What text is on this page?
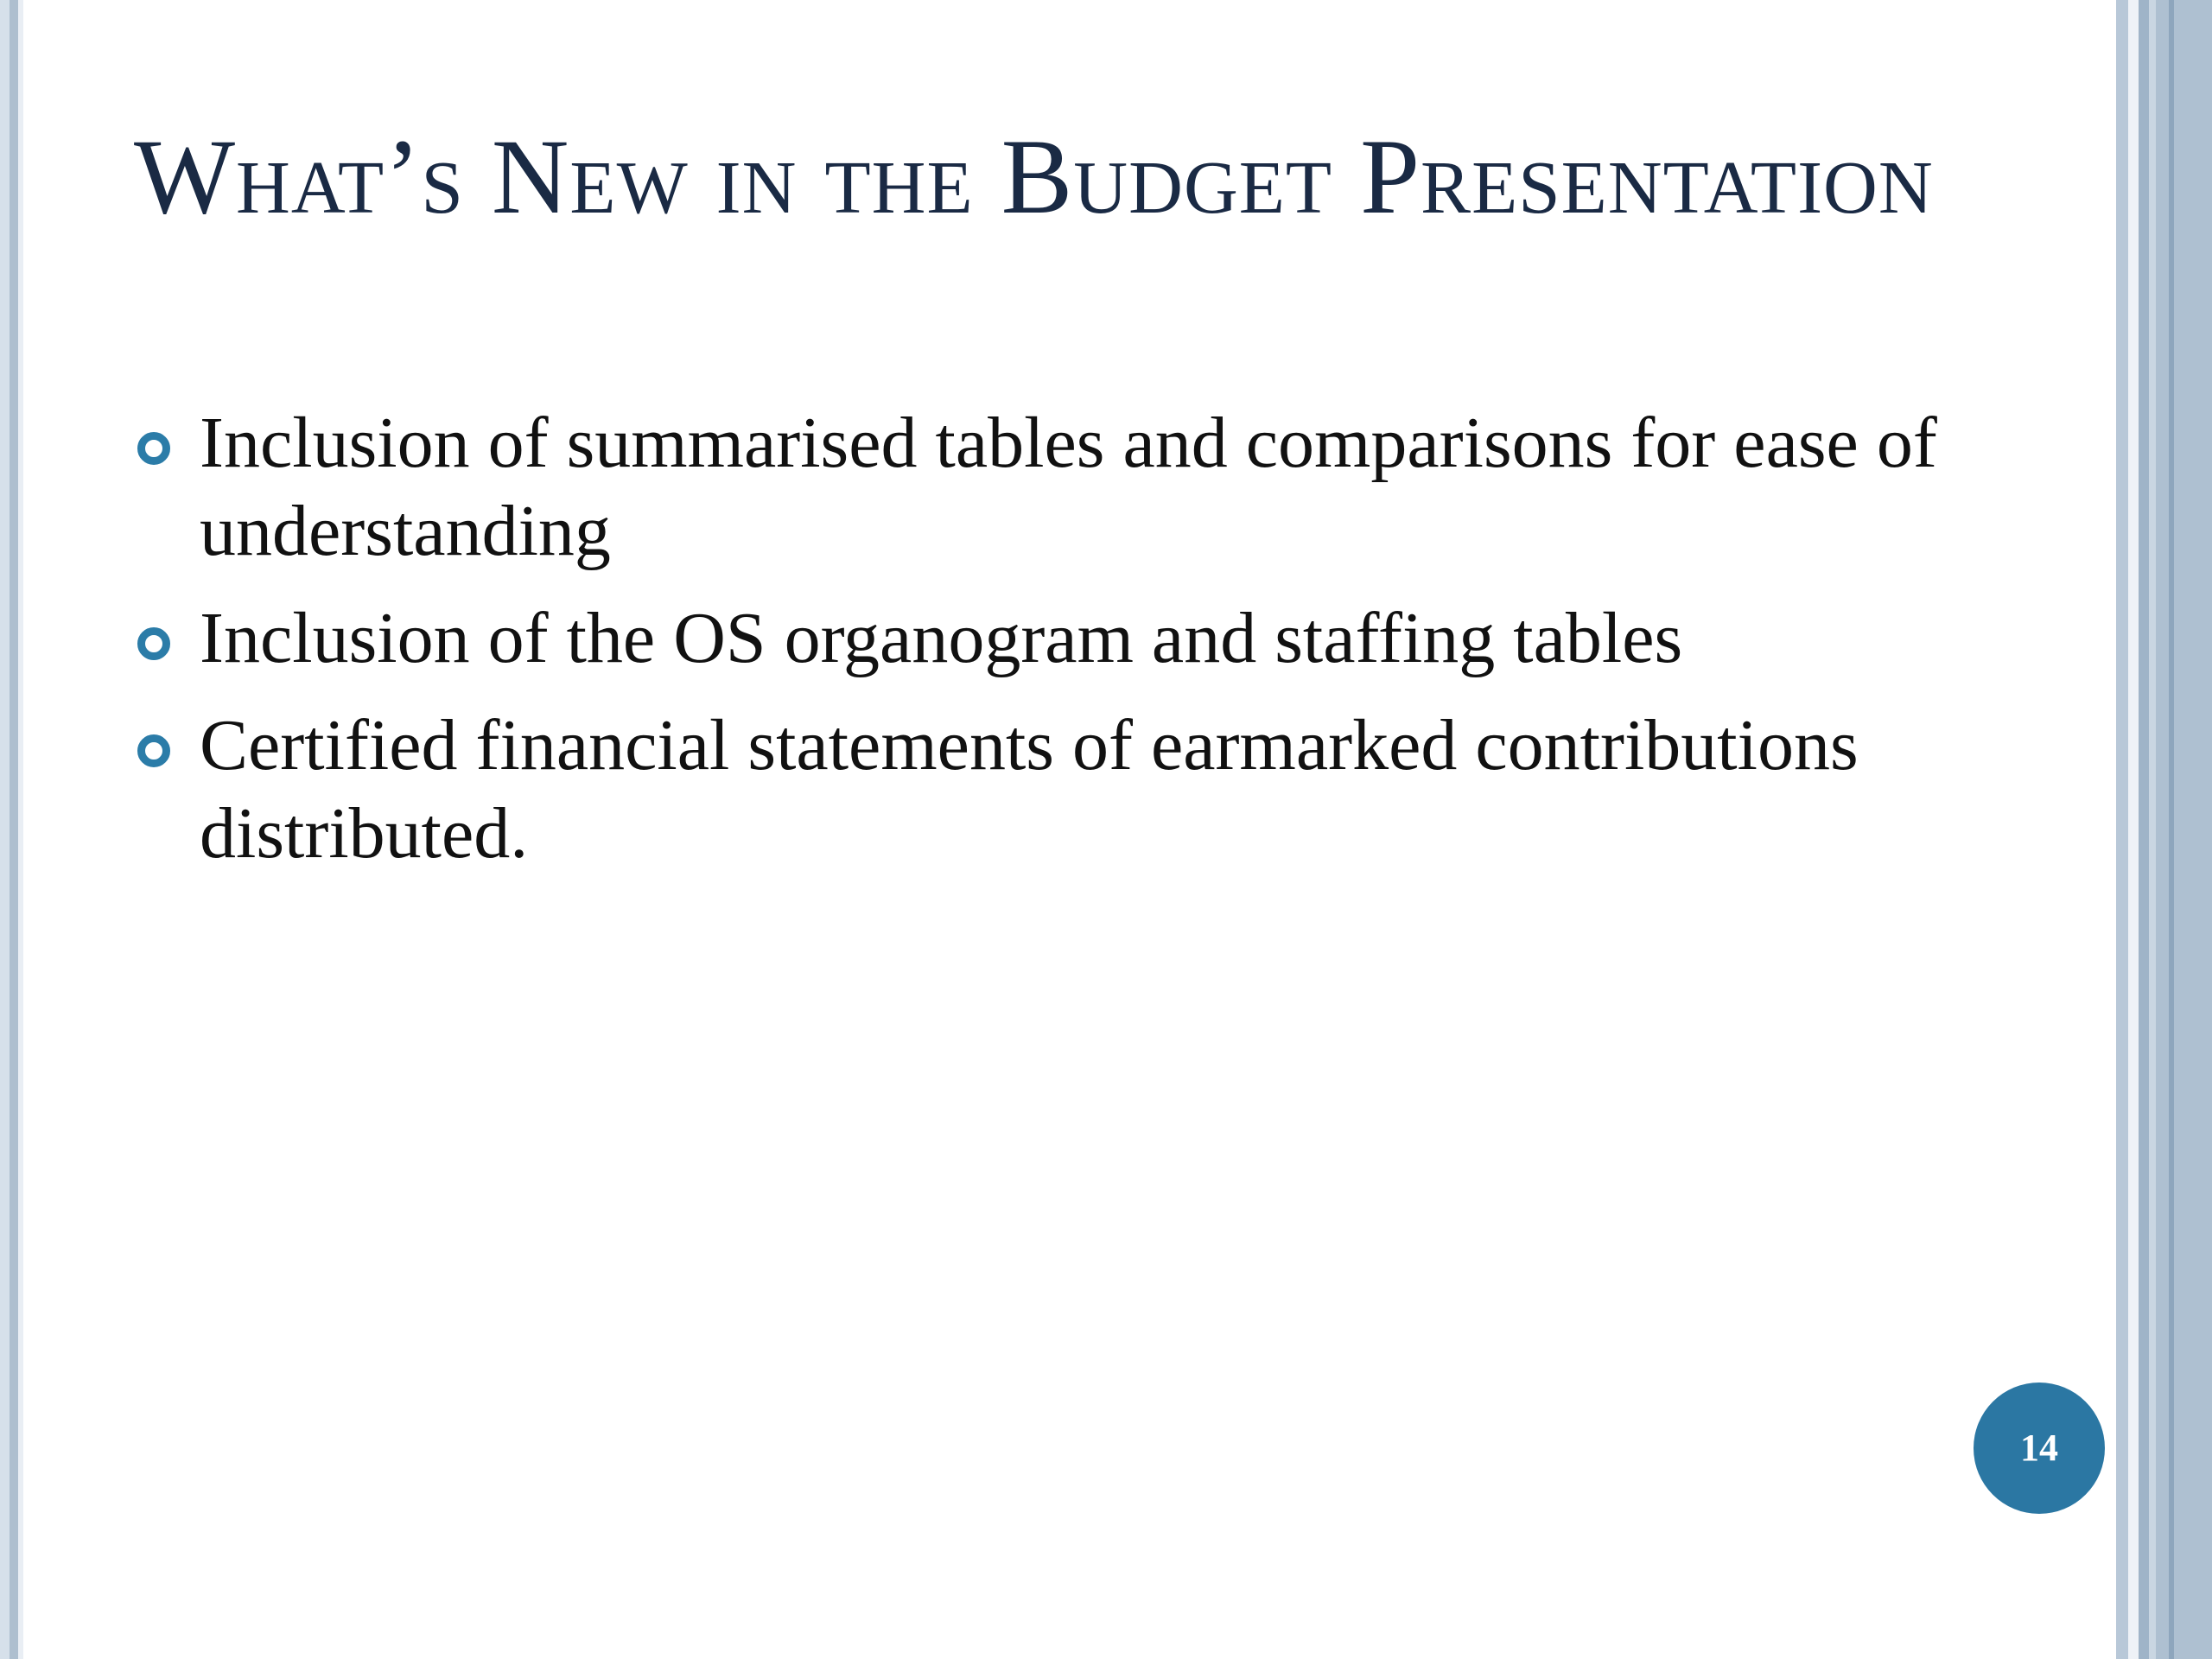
What’s New in the Budget Presentation
Inclusion of summarised tables and comparisons for ease of understanding
Inclusion of the OS organogram and staffing tables
Certified financial statements of earmarked contributions distributed.
14
